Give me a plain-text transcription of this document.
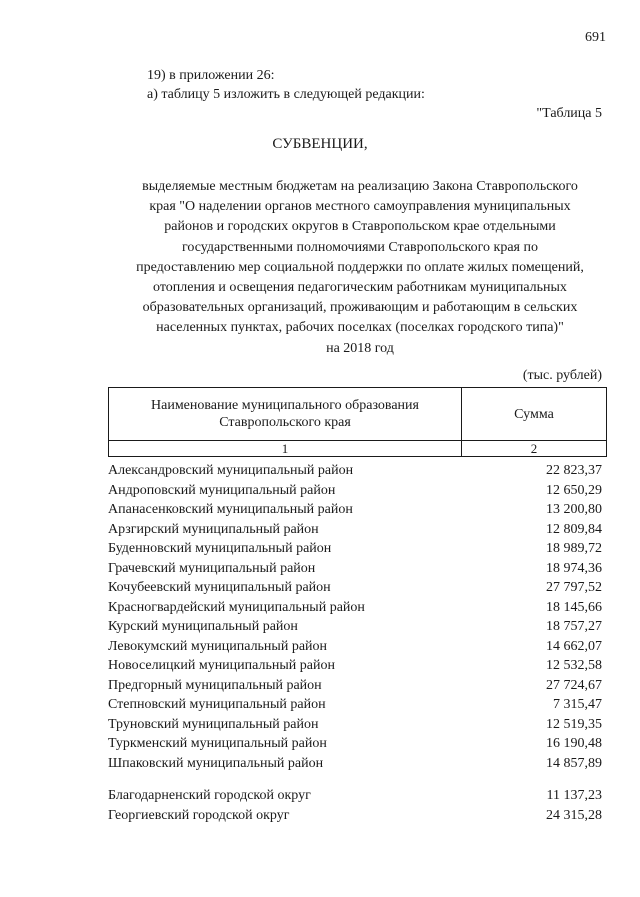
691
19) в приложении 26:
а) таблицу 5 изложить в следующей редакции:
"Таблица 5
СУБВЕНЦИИ,
выделяемые местным бюджетам на реализацию Закона Ставропольского
края "О наделении органов местного самоуправления муниципальных
районов и городских округов в Ставропольском крае отдельными
государственными полномочиями Ставропольского края по
предоставлению мер социальной поддержки по оплате жилых помещений,
отопления и освещения педагогическим работникам муниципальных
образовательных организаций, проживающим и работающим в сельских
населенных пунктах, рабочих поселках (поселках городского типа)"
на 2018 год
(тыс. рублей)
Наименование муниципального образования
Ставропольского края	Сумма
1	2
Александровский муниципальный район	22 823,37
Андроповский муниципальный район	12 650,29
Апанасенковский муниципальный район	13 200,80
Арзгирский муниципальный район	12 809,84
Буденновский муниципальный район	18 989,72
Грачевский муниципальный район	18 974,36
Кочубеевский муниципальный район	27 797,52
Красногвардейский муниципальный район	18 145,66
Курский муниципальный район	18 757,27
Левокумский муниципальный район	14 662,07
Новоселицкий муниципальный район	12 532,58
Предгорный муниципальный район	27 724,67
Степновский муниципальный район	7 315,47
Труновский муниципальный район	12 519,35
Туркменский муниципальный район	16 190,48
Шпаковский муниципальный район	14 857,89
Благодарненский городской округ	11 137,23
Георгиевский городской округ	24 315,28
